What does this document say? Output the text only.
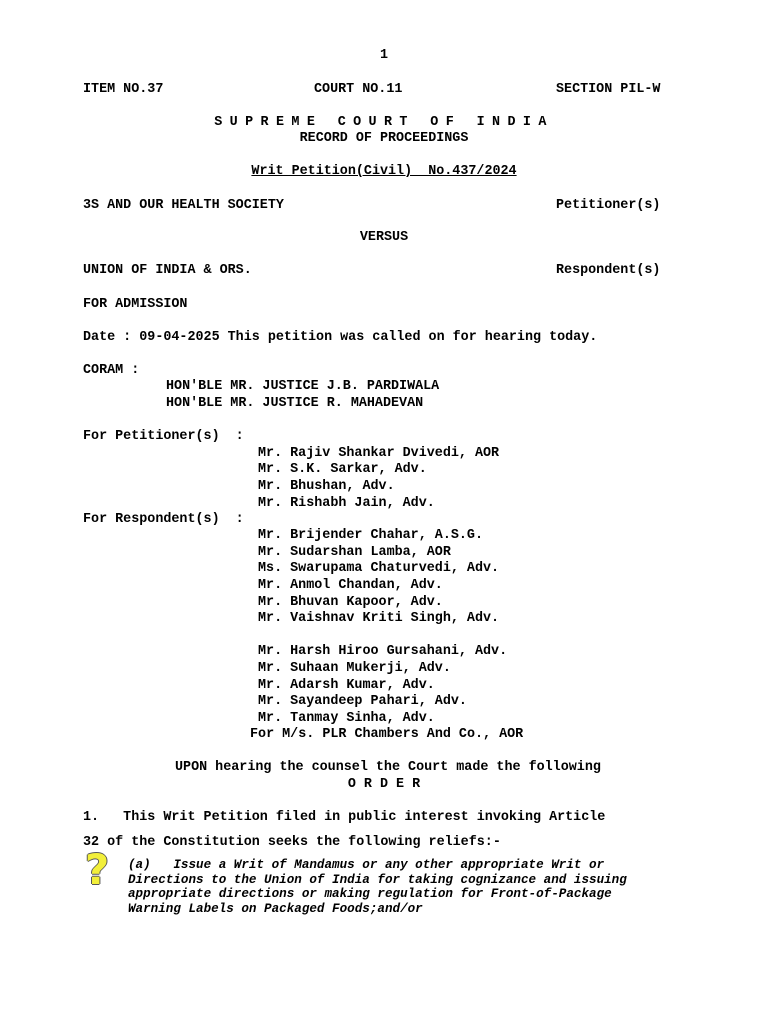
1
ITEM NO.37	COURT NO.11	SECTION PIL-W
SUPREME COURT OF INDIA
RECORD OF PROCEEDINGS
Writ Petition(Civil)  No.437/2024
3S AND OUR HEALTH SOCIETY	Petitioner(s)
VERSUS
UNION OF INDIA & ORS.	Respondent(s)
FOR ADMISSION
Date : 09-04-2025 This petition was called on for hearing today.
CORAM :
HON'BLE MR. JUSTICE J.B. PARDIWALA
HON'BLE MR. JUSTICE R. MAHADEVAN
For Petitioner(s)  :
Mr. Rajiv Shankar Dvivedi, AOR
Mr. S.K. Sarkar, Adv.
Mr. Bhushan, Adv.
Mr. Rishabh Jain, Adv.
For Respondent(s)  :
Mr. Brijender Chahar, A.S.G.
Mr. Sudarshan Lamba, AOR
Ms. Swarupama Chaturvedi, Adv.
Mr. Anmol Chandan, Adv.
Mr. Bhuvan Kapoor, Adv.
Mr. Vaishnav Kriti Singh, Adv.
Mr. Harsh Hiroo Gursahani, Adv.
Mr. Suhaan Mukerji, Adv.
Mr. Adarsh Kumar, Adv.
Mr. Sayandeep Pahari, Adv.
Mr. Tanmay Sinha, Adv.
For M/s. PLR Chambers And Co., AOR
UPON hearing the counsel the Court made the following
O R D E R
1.   This Writ Petition filed in public interest invoking Article
32 of the Constitution seeks the following reliefs:-
?	(a)   Issue a Writ of Mandamus or any other appropriate Writ or
Directions to the Union of India for taking cognizance and issuing
appropriate directions or making regulation for Front-of-Package
Warning Labels on Packaged Foods;and/or
